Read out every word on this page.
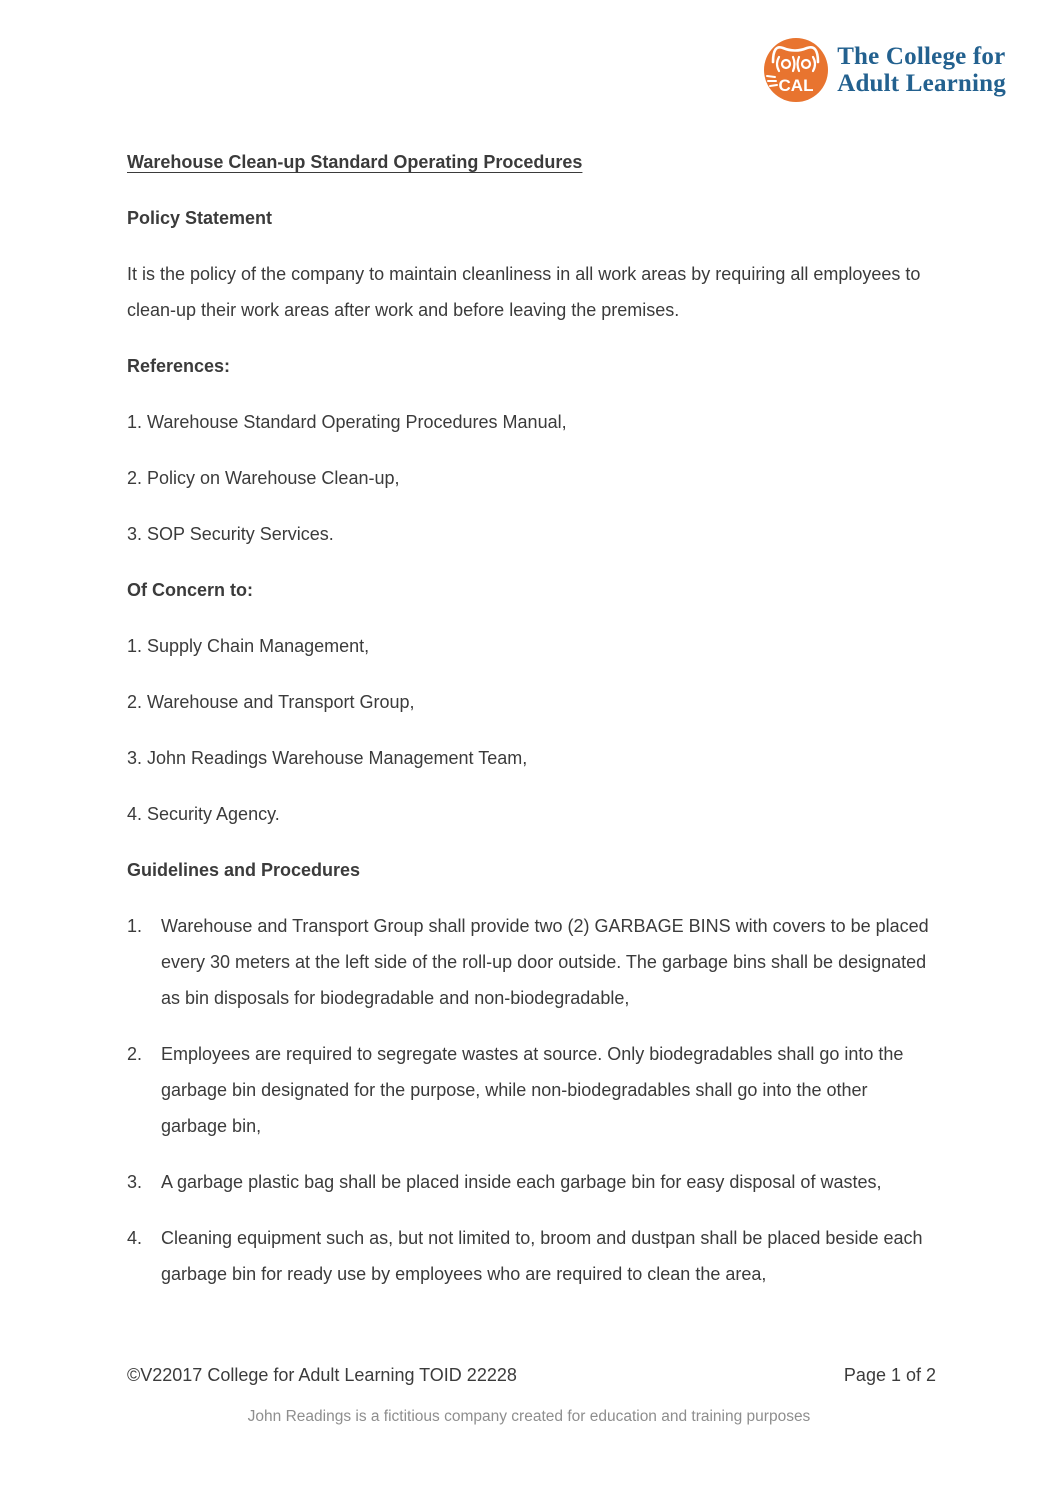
CAL
The College for
Adult Learning

Warehouse Clean-up Standard Operating Procedures

Policy Statement

It is the policy of the company to maintain cleanliness in all work areas by requiring all employees to clean-up their work areas after work and before leaving the premises.

References:

1. Warehouse Standard Operating Procedures Manual,

2. Policy on Warehouse Clean-up,

3. SOP Security Services.

Of Concern to:

1. Supply Chain Management,

2. Warehouse and Transport Group,

3. John Readings Warehouse Management Team,

4. Security Agency.

Guidelines and Procedures

1.	Warehouse and Transport Group shall provide two (2) GARBAGE BINS with covers to be placed every 30 meters at the left side of the roll-up door outside. The garbage bins shall be designated as bin disposals for biodegradable and non-biodegradable,
2.	Employees are required to segregate wastes at source. Only biodegradables shall go into the garbage bin designated for the purpose, while non-biodegradables shall go into the other garbage bin,
3.	A garbage plastic bag shall be placed inside each garbage bin for easy disposal of wastes,
4.	Cleaning equipment such as, but not limited to, broom and dustpan shall be placed beside each garbage bin for ready use by employees who are required to clean the area,
©V22017 College for Adult Learning TOID 22228	Page 1 of 2
John Readings is a fictitious company created for education and training purposes
